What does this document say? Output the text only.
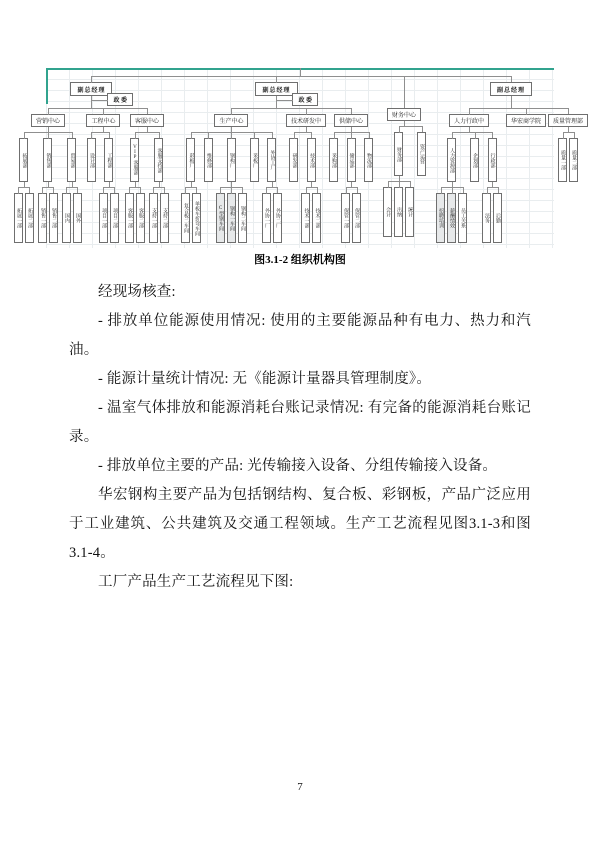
副总经理
政 委
营销中心
拓展部
拓展一部	拓展二部
销售部
销售一部	销售二部
贸易部
国内	国外
工程中心
设计部	工程部
项目一部	项目二部
客服中心
VIP客服部
客服一部	客服二部
客服支持部
支持一部	支持二部
副总经理
政 委
生产中心
彩板厂
复合板二车间	单板车折弯车间
维修部	钢构厂
C型钢车间	钢构一车间	钢构二车间
采板厂	外协工厂
外协一厂	外协二厂
技术研发中
研发部	技术部
技术一部	技术二部
供储中心
采购部	储运部
保管一部	保管二部
物流部
财务中心
财务部
会计	出纳	统计
资产运营
副总经理
人力行政中
人力资源部
招聘培训	薪酬绩效	员工关系
企划部	行政部
法务	后勤
华宏商学院	质量管理部
质量一部	质量二部
图3.1-2 组织机构图

经现场核查:

- 排放单位能源使用情况: 使用的主要能源品种有电力、热力和汽油。

- 能源计量统计情况: 无《能源计量器具管理制度》。

- 温室气体排放和能源消耗台账记录情况: 有完备的能源消耗台账记录。

- 排放单位主要的产品: 光传输接入设备、分组传输接入设备。

华宏钢构主要产品为包括钢结构、复合板、彩钢板，产品广泛应用于工业建筑、公共建筑及交通工程领域。生产工艺流程见图3.1-3和图3.1-4。

工厂产品生产工艺流程见下图:

7
